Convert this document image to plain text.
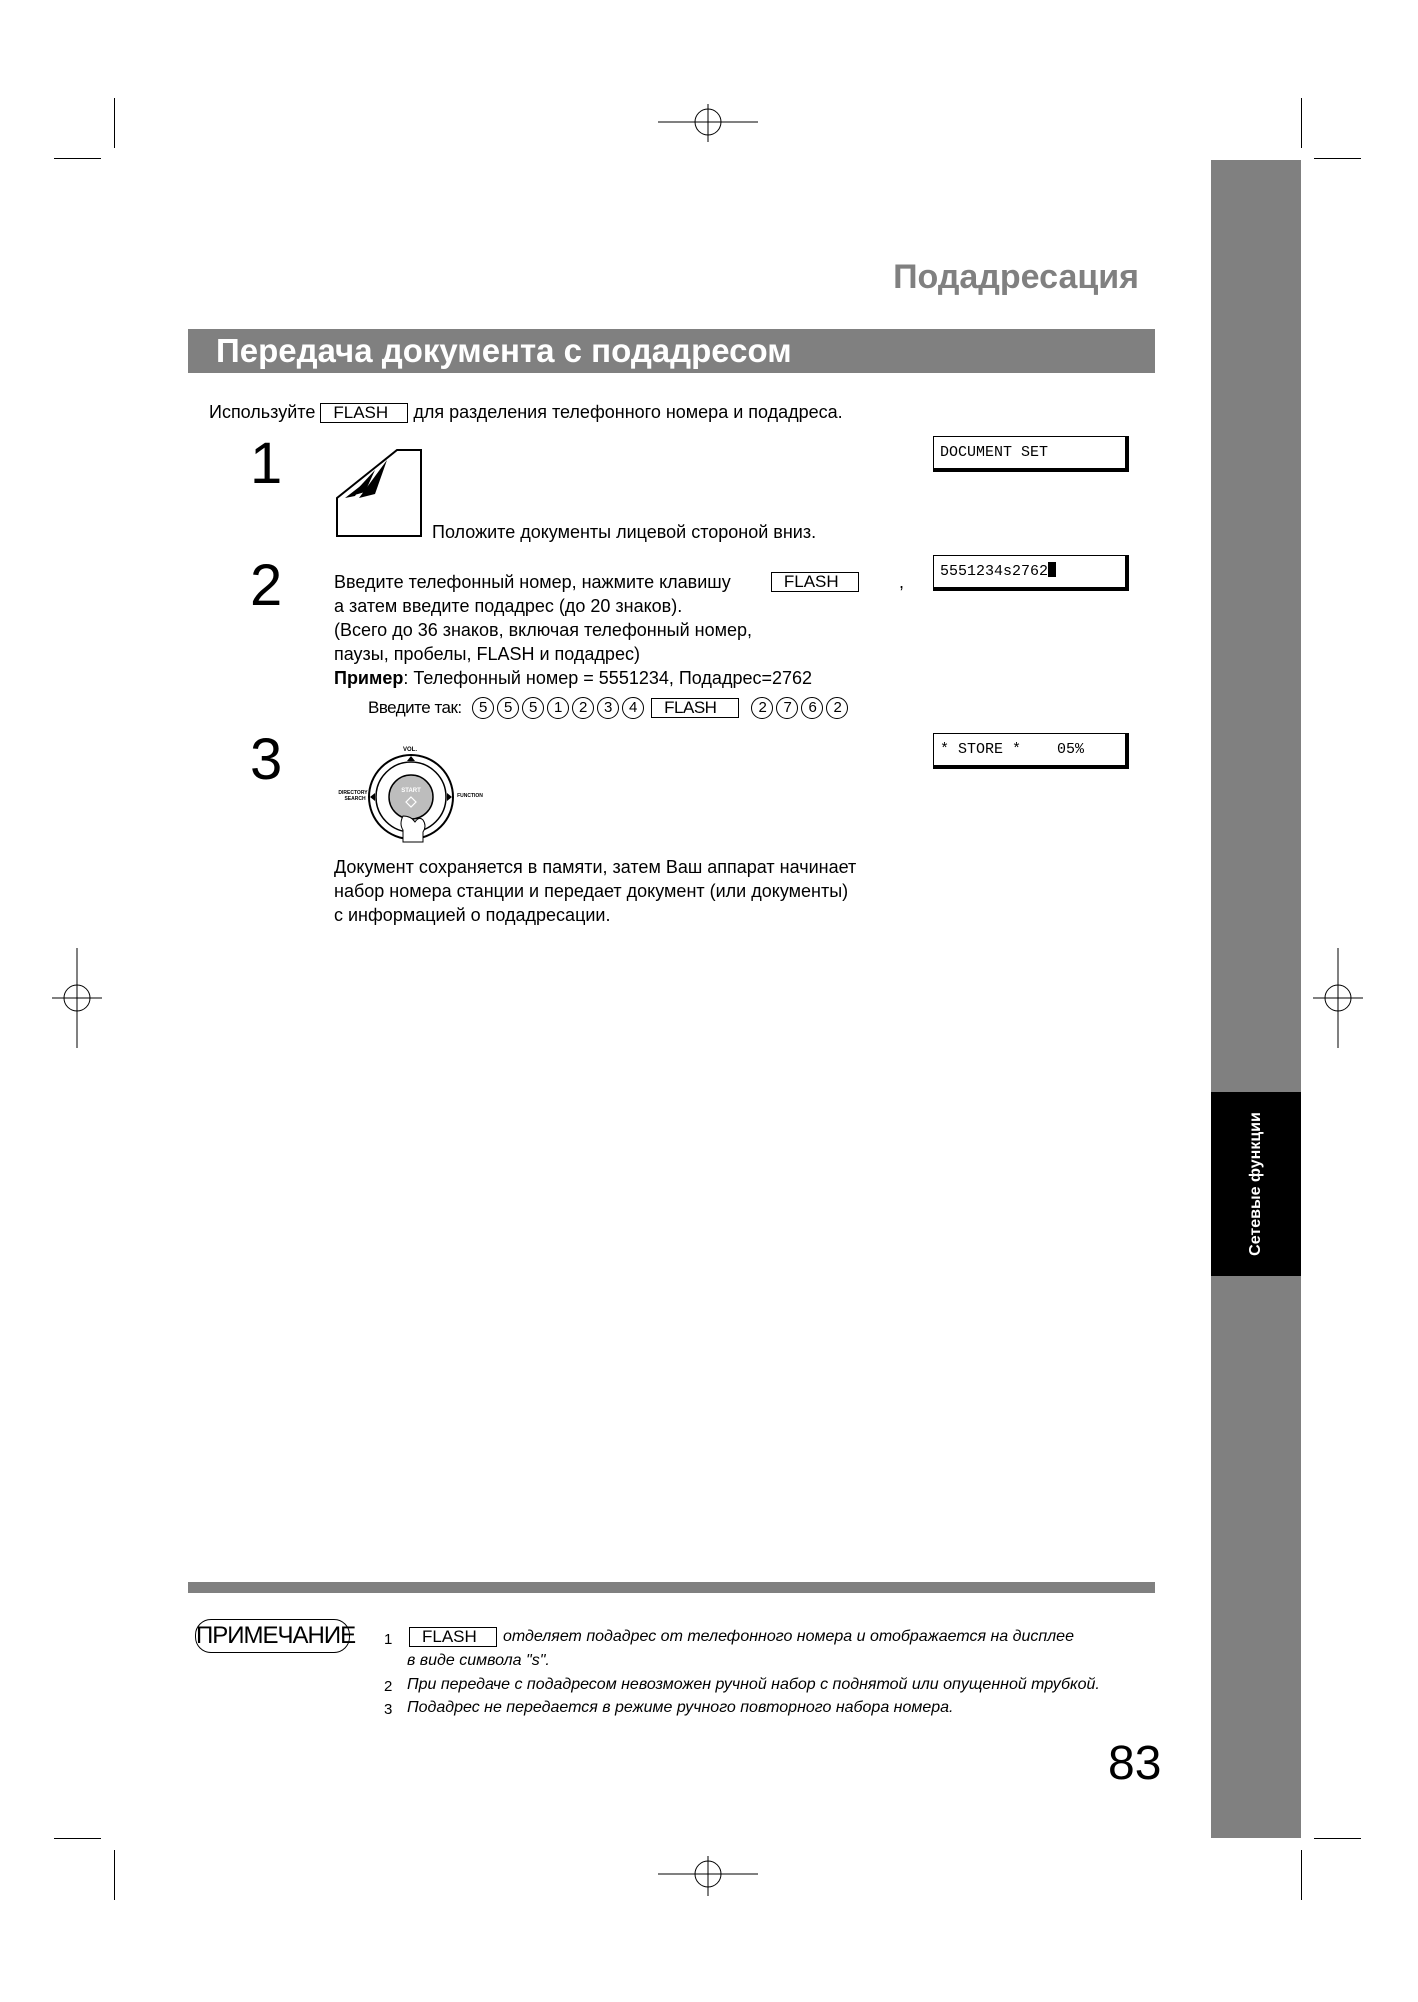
Сетевые функции
Подадресация
Передача документа с подадресом
Используйте FLASH для разделения телефонного номера и подадреса.
1
Положите документы лицевой стороной вниз.
DOCUMENT SET
2	Введите телефонный номер, нажмите клавишу	FLASH	,
а затем введите подадрес (до 20 знаков).
(Всего до 36 знаков, включая телефонный номер,
паузы, пробелы, FLASH и подадрес)
Пример: Телефонный номер = 5551234, Подадрес=2762
Введите так: 5 5 5 1 2 3 4 FLASH	2 7 6 2
5551234s2762
3	VOL.
DIRECTORY
SEARCH	FUNCTION
START
Документ сохраняется в памяти, затем Ваш аппарат начинает
набор номера станции и передает документ (или документы)
с информацией о подадресации.
* STORE *    05%
ПРИМЕЧАНИЕ 1	FLASH отделяет подадрес от телефонного номера и отображается на дисплее
в виде символа "s".
2 При передаче с подадресом невозможен ручной набор с поднятой или опущенной трубкой.
3 Подадрес не передается в режиме ручного повторного набора номера.
83
